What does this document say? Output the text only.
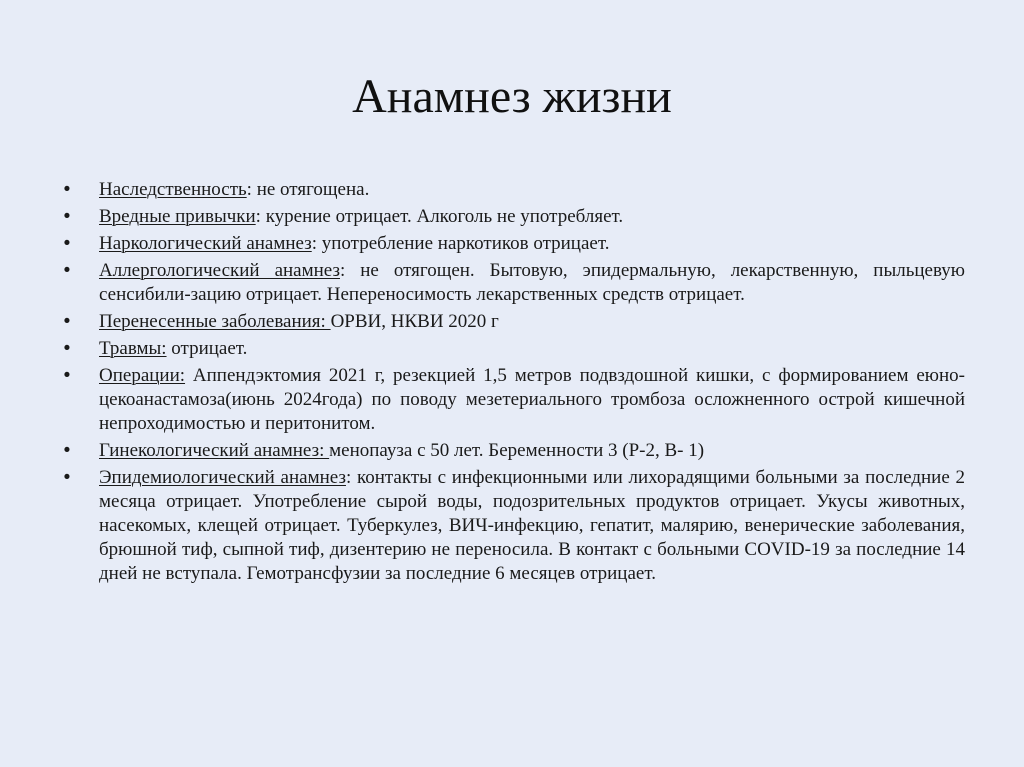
Анамнез жизни
• Наследственность: не отягощена.
• Вредные привычки: курение отрицает. Алкоголь не употребляет.
• Наркологический анамнез: употребление наркотиков отрицает.
• Аллергологический анамнез: не отягощен. Бытовую, эпидермальную, лекарственную, пыльцевую сенсибили-зацию отрицает. Непереносимость лекарственных средств отрицает.
• Перенесенные заболевания: ОРВИ, НКВИ 2020 г
• Травмы: отрицает.
• Операции: Аппендэктомия 2021 г, резекцией 1,5 метров подвздошной кишки, с формированием еюно-цекоанастамоза(июнь 2024года) по поводу мезетериального тромбоза осложненного острой кишечной непроходимостью и перитонитом.
• Гинекологический анамнез: менопауза с 50 лет. Беременности 3 (Р-2, В- 1)
• Эпидемиологический анамнез: контакты с инфекционными или лихорадящими больными за последние 2 месяца отрицает. Употребление сырой воды, подозрительных продуктов отрицает. Укусы животных, насекомых, клещей отрицает. Туберкулез, ВИЧ-инфекцию, гепатит, малярию, венерические заболевания, брюшной тиф, сыпной тиф, дизентерию не переносила. В контакт с больными COVID-19 за последние 14 дней не вступала. Гемотрансфузии за последние 6 месяцев отрицает.
